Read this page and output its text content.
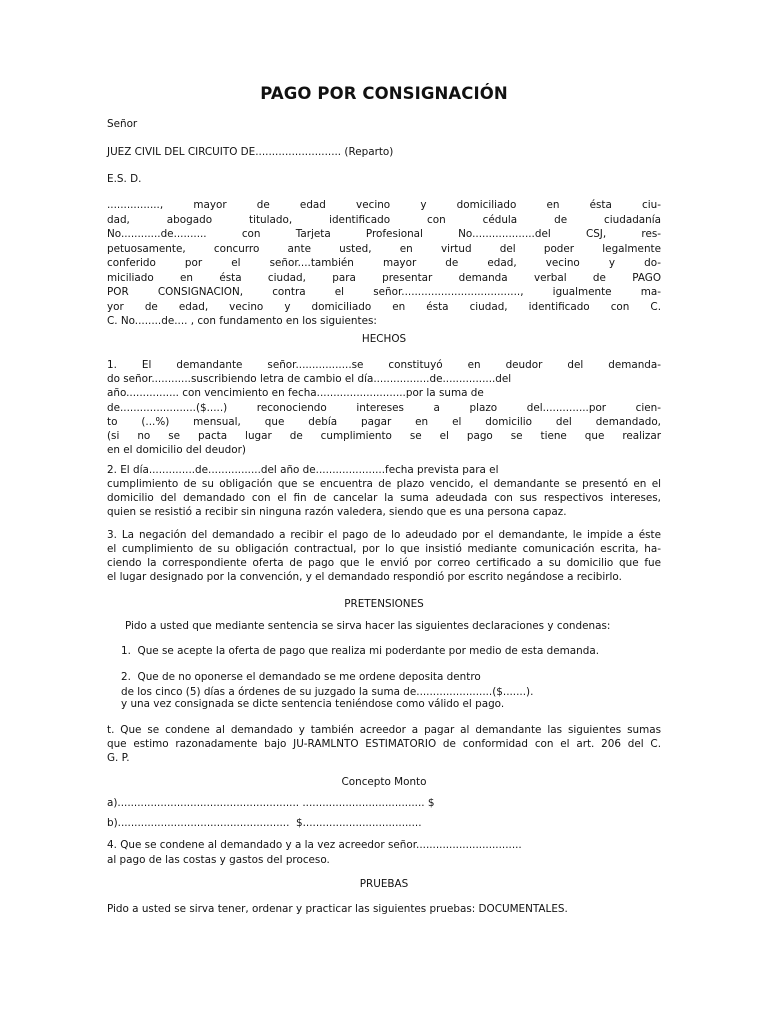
PAGO POR CONSIGNACIÓN
Señor
JUEZ CIVIL DEL CIRCUITO DE.......................... (Reparto)
E.S. D.
................, mayor de edad vecino y domiciliado en ésta ciu-
dad, abogado titulado, identificado con cédula de ciudadanía
No............de.......... con Tarjeta Profesional No...................del CSJ, res-
petuosamente, concurro ante usted, en virtud del poder legalmente
conferido por el señor....también mayor de edad, vecino y do-
miciliado en ésta ciudad, para presentar demanda verbal de PAGO
POR CONSIGNACION, contra el señor...................................., igualmente ma-
yor de edad, vecino y domiciliado en ésta ciudad, identificado con C.
C. No........de.... , con fundamento en los siguientes:
HECHOS
1. El demandante señor.................se constituyó en deudor del demanda-
do señor............suscribiendo letra de cambio el día.................de................del
año................ con vencimiento en fecha...........................por la suma de
de.......................($.....) reconociendo intereses a plazo del..............por cien-
to (...%) mensual, que debía pagar en el domicilio del demandado,
(si no se pacta lugar de cumplimiento se el pago se tiene que realizar
en el domicilio del deudor)
2. El día..............de................del año de.....................fecha prevista para el
cumplimiento de su obligación que se encuentra de plazo vencido, el demandante se presentó en el
domicilio del demandado con el fin de cancelar la suma adeudada con sus respectivos intereses,
quien se resistió a recibir sin ninguna razón valedera, siendo que es una persona capaz.
3. La negación del demandado a recibir el pago de lo adeudado por el demandante, le impide a éste
el cumplimiento de su obligación contractual, por lo que insistió mediante comunicación escrita, ha-
ciendo la correspondiente oferta de pago que le envió por correo certificado a su domicilio que fue
el lugar designado por la convención, y el demandado respondió por escrito negándose a recibirlo.
PRETENSIONES
Pido a usted que mediante sentencia se sirva hacer las siguientes declaraciones y condenas:
1.  Que se acepte la oferta de pago que realiza mi poderdante por medio de esta demanda.
2.  Que de no oponerse el demandado se me ordene deposita dentro
de los cinco (5) días a órdenes de su juzgado la suma de.......................($.......).
y una vez consignada se dicte sentencia teniéndose como válido el pago.
t. Que se condene al demandado y también acreedor a pagar al demandante las siguientes sumas
que estimo razonadamente bajo JU-RAMLNTO ESTIMATORIO de conformidad con el art. 206 del C.
G. P.
Concepto Monto
a)....................................................... ..................................... $
b)....................................................  $....................................
4. Que se condene al demandado y a la vez acreedor señor................................
al pago de las costas y gastos del proceso.
PRUEBAS
Pido a usted se sirva tener, ordenar y practicar las siguientes pruebas: DOCUMENTALES.
